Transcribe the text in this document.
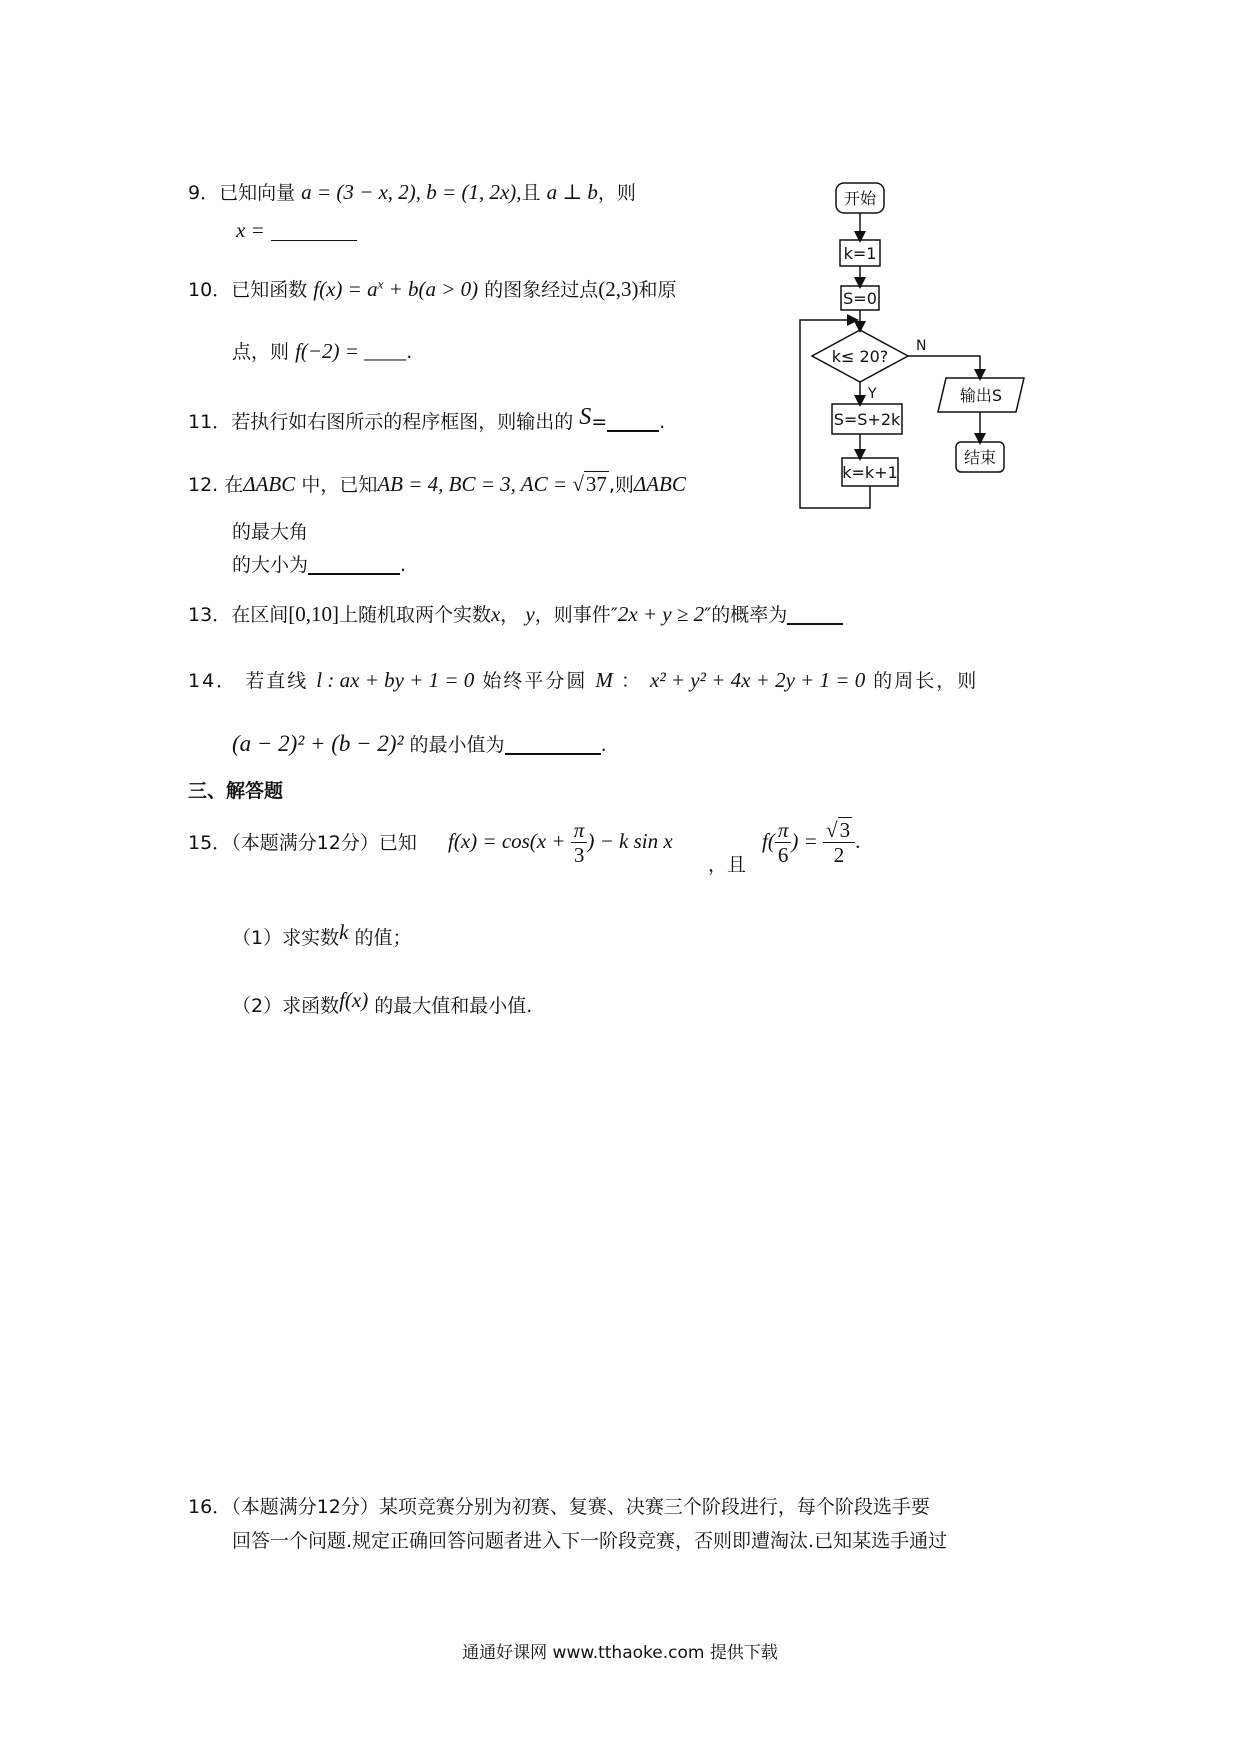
9．已知向量 a = (3 − x, 2), b = (1, 2x),且 a ⊥ b，则
x =
10．已知函数 $f(x) = a^x + b(a > 0)$ 的图象经过点(2,3)和原
点，则 f(−2) = ____.
11．若执行如右图所示的程序框图，则输出的 S=	.
12. 在ΔABC 中，已知AB = 4, BC = 3, AC = √37 ,则ΔABC
的最大角
的大小为	.
13．在区间[0,10]上随机取两个实数x， y，则事件″2x + y ≥ 2″的概率为
14． 若直线 l : ax + by + 1 = 0 始终平分圆 M ： x² + y² + 4x + 2y + 1 = 0 的周长，则
(a − 2)² + (b − 2)² 的最小值为	.
三、解答题
15．（本题满分12分）已知 $f(x) = \cos(x + \frac{\pi}{3}$ ) − k sin x
，且
$f( \frac{\pi}{6}$ ) = $\frac{√3}{2}$ .
（1）求实数k 的值；
（2）求函数f(x) 的最大值和最小值.
16．（本题满分12分）某项竞赛分别为初赛、复赛、决赛三个阶段进行，每个阶段选手要
回答一个问题.规定正确回答问题者进入下一阶段竞赛，否则即遭淘汰.已知某选手通过
开始
k=1
S=0
k≤ 20?
Y
N
S=S+2k
k=k+1
输出S
结束
通通好课网 www.tthaoke.com 提供下载
